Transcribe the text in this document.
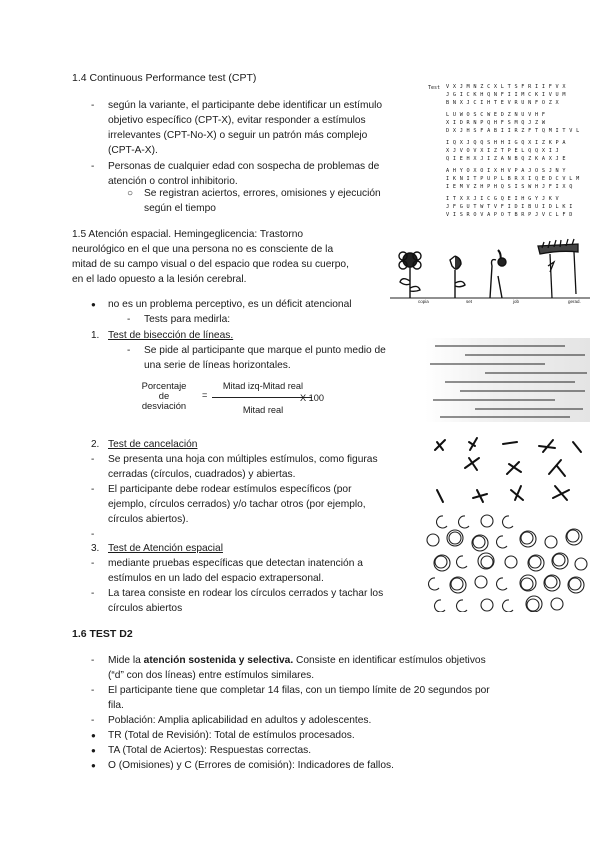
1.4 Continuous Performance test (CPT)
- según la variante, el participante debe identificar un estímulo
objetivo específico (CPT-X), evitar responder a estímulos
irrelevantes (CPT-No-X) o seguir un patrón más complejo
(CPT-A-X).
- Personas de cualquier edad con sospecha de problemas de
atención o control inhibitorio.
○ Se registran aciertos, errores, omisiones y ejecución
según el tiempo
Test V X J M N Z C X L T S F R I I F V X
J G I C K H Q N F I I M C K I V U M
B N X J C I H T E V R U N F O Z X
L U W O S C W E D Z N U V H F
X I D R N P Q H F S M Q J Z W
D X J H S F A B I I R Z F T Q M I T V L
I Q X J Q Q S H H I G Q X I Z K P A
X J V O V X I Z T P E L Q Q X I J
Q I E H X J I Z A N B Q Z K A X J E
A H Y O X O I X H V P A J O S J N Y
I K N I T P U P L B R X I Q E D C V L M
I E M V Z H P H Q S I S W H J F I X Q
I T X X J I C G Q E I H G Y J K V
J F G U T W T V F I D I B U I D L K I
V I S R O V A P O T B R P J V C L F D
1.5 Atención espacial. Hemingeglicencia: Trastorno
neurológico en el que una persona no es consciente de la
mitad de su campo visual o del espacio que rodea su cuerpo,
en el lado opuesto a la lesión cerebral.
● no es un problema perceptivo, es un déficit atencional
- Tests para medirla:
copia	set	job	gerad.
1. Test de bisección de líneas.
- Se pide al participante que marque el punto medio de
una serie de líneas horizontales.
Porcentaje
de
desviación
=
Mitad izq-Mitad real
Mitad real
X 100
2. Test de cancelación
- Se presenta una hoja con múltiples estímulos, como figuras
cerradas (círculos, cuadrados) y abiertas.
- El participante debe rodear estímulos específicos (por
ejemplo, círculos cerrados) y/o tachar otros (por ejemplo,
círculos abiertos).
-
3. Test de Atención espacial
- mediante pruebas específicas que detectan inatención a
estímulos en un lado del espacio extrapersonal.
- La tarea consiste en rodear los círculos cerrados y tachar los
círculos abiertos
1.6 TEST D2
- Mide la atención sostenida y selectiva. Consiste en identificar estímulos objetivos
(“d” con dos líneas) entre estímulos similares.
- El participante tiene que completar 14 filas, con un tiempo límite de 20 segundos por
fila.
- Población: Amplia aplicabilidad en adultos y adolescentes.
● TR (Total de Revisión): Total de estímulos procesados.
● TA (Total de Aciertos): Respuestas correctas.
● O (Omisiones) y C (Errores de comisión): Indicadores de fallos.
